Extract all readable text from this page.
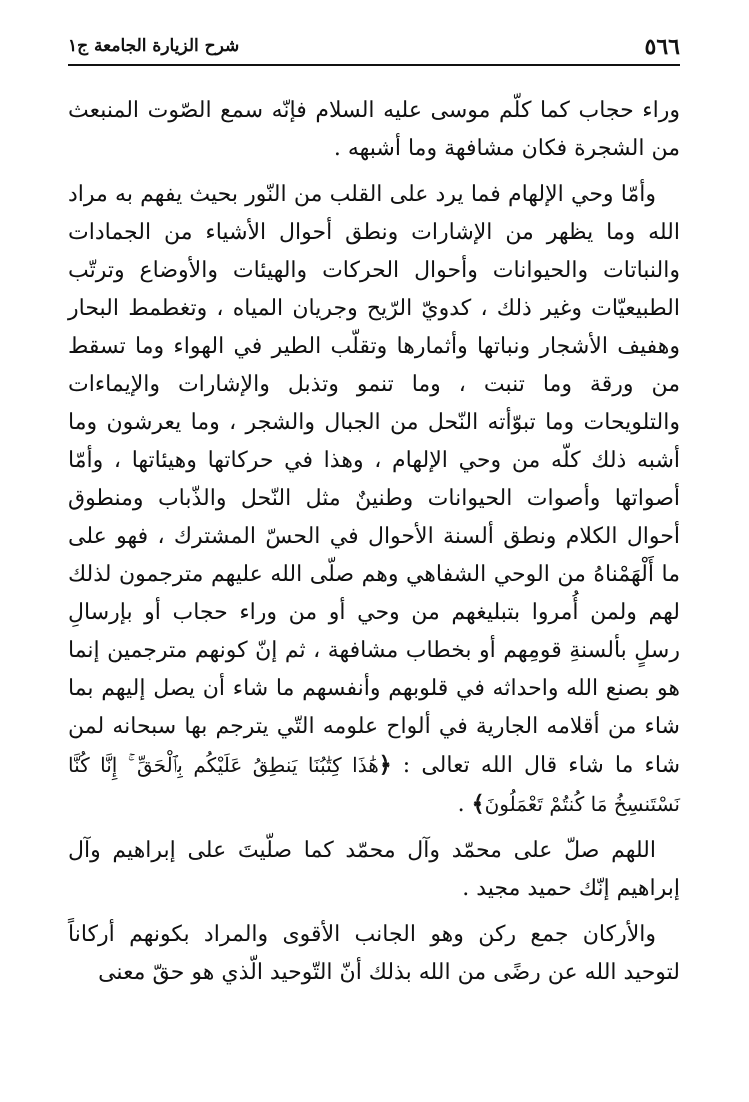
٥٦٦
شرح الزيارة الجامعة ج١

وراء حجاب كما كلّم موسى عليه السلام فإنّه سمع الصّوت المنبعث من الشجرة فكان مشافهة وما أشبهه .

وأمّا وحي الإلهام فما يرد على القلب من النّور بحيث يفهم به مراد الله وما يظهر من الإشارات ونطق أحوال الأشياء من الجمادات والنباتات والحيوانات وأحوال الحركات والهيئات والأوضاع وترتّب الطبيعيّات وغير ذلك ، كدويّ الرّيح وجريان المياه ، وتغطمط البحار وهفيف الأشجار ونباتها وأثمارها وتقلّب الطير في الهواء وما تسقط من ورقة وما تنبت ، وما تنمو وتذبل والإشارات والإيماءات والتلويحات وما تبوّأته النّحل من الجبال والشجر ، وما يعرشون وما أشبه ذلك كلّه من وحي الإلهام ، وهذا في حركاتها وهيئاتها ، وأمّا أصواتها وأصوات الحيوانات وطنينٌ مثل النّحل والذّباب ومنطوق أحوال الكلام ونطق ألسنة الأحوال في الحسّ المشترك ، فهو على ما أَلْهَمْناهُ من الوحي الشفاهي وهم صلّى الله عليهم مترجمون لذلك لهم ولمن أُمروا بتبليغهم من وحي أو من وراء حجاب أو بإرسالِ رسلٍ بألسنةِ قومِهم أو بخطاب مشافهة ، ثم إنّ كونهم مترجمين إنما هو بصنع الله واحداثه في قلوبهم وأنفسهم ما شاء أن يصل إليهم بما شاء من أقلامه الجارية في ألواح علومه التّي يترجم بها سبحانه لمن شاء ما شاء قال الله تعالى : ﴿هَٰذَا كِتَٰبُنَا يَنطِقُ عَلَيْكُم بِٱلْحَقِّ ۚ إِنَّا كُنَّا نَسْتَنسِخُ مَا كُنتُمْ تَعْمَلُونَ﴾ .

اللهم صلّ على محمّد وآل محمّد كما صلّيتَ على إبراهيم وآل إبراهيم إنّك حميد مجيد .

والأركان جمع ركن وهو الجانب الأقوى والمراد بكونهم أركاناً لتوحيد الله عن رضًى من الله بذلك أنّ التّوحيد الّذي هو حقّ معنى
